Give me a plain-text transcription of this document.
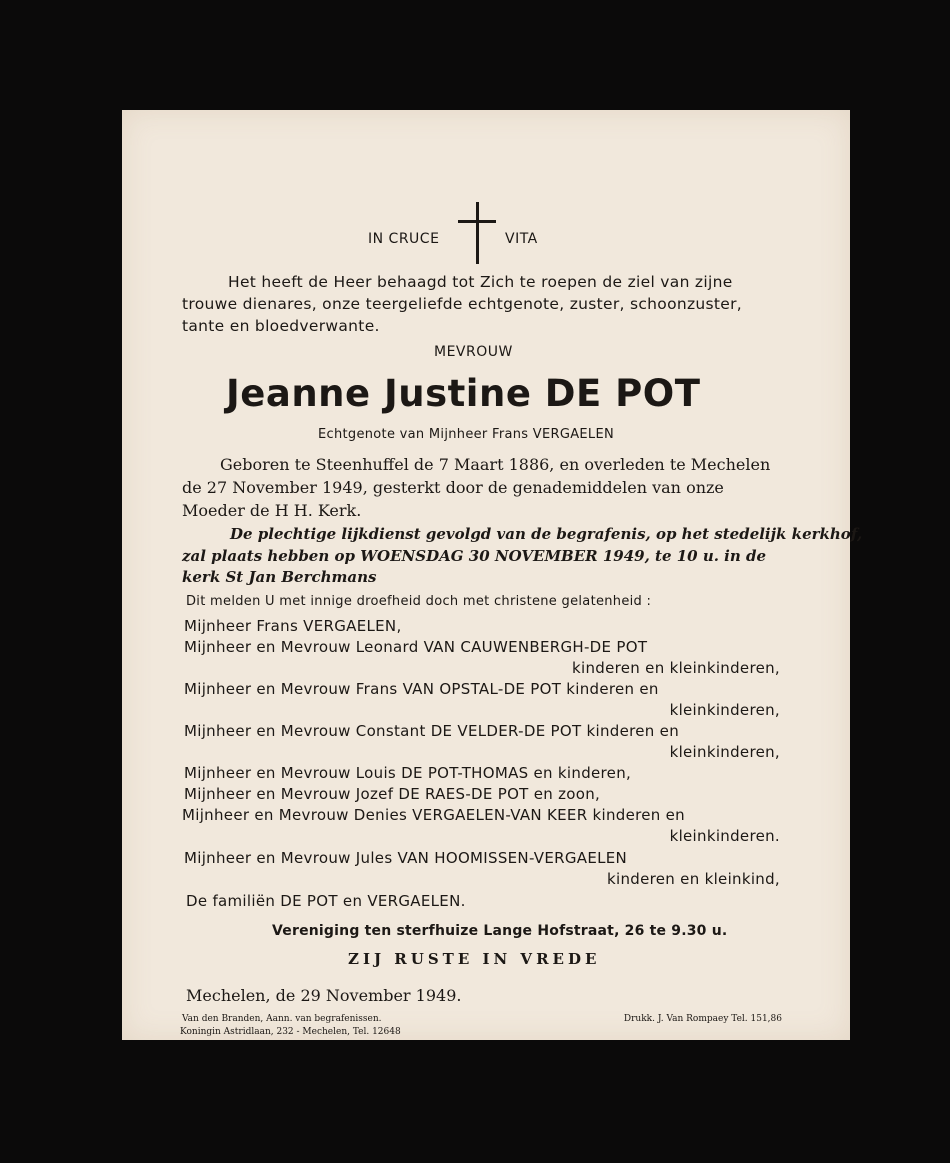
IN CRUCE	VITA
Het heeft de Heer behaagd tot Zich te roepen de ziel van zijne
trouwe dienares, onze teergeliefde echtgenote, zuster, schoonzuster,
tante en bloedverwante.
MEVROUW
Jeanne Justine DE POT
Echtgenote van Mijnheer Frans VERGAELEN
Geboren te Steenhuffel de 7 Maart 1886, en overleden te Mechelen
de 27 November 1949, gesterkt door de genademiddelen van onze
Moeder de H H. Kerk.
De plechtige lijkdienst gevolgd van de begrafenis, op het stedelijk kerkhof,
zal plaats hebben op WOENSDAG 30 NOVEMBER 1949, te 10 u. in de
kerk St Jan Berchmans
Dit melden U met innige droefheid doch met christene gelatenheid :
Mijnheer Frans VERGAELEN,
Mijnheer en Mevrouw Leonard VAN CAUWENBERGH-DE POT
kinderen en kleinkinderen,
Mijnheer en Mevrouw Frans VAN OPSTAL-DE POT kinderen en
kleinkinderen,
Mijnheer en Mevrouw Constant DE VELDER-DE POT kinderen en
kleinkinderen,
Mijnheer en Mevrouw Louis DE POT-THOMAS en kinderen,
Mijnheer en Mevrouw Jozef DE RAES-DE POT en zoon,
Mijnheer en Mevrouw Denies VERGAELEN-VAN KEER kinderen en
kleinkinderen.
Mijnheer en Mevrouw Jules VAN HOOMISSEN-VERGAELEN
kinderen en kleinkind,
De familiën DE POT en VERGAELEN.
Vereniging ten sterfhuize Lange Hofstraat, 26 te 9.30 u.
ZIJ RUSTE IN VREDE
Mechelen, de 29 November 1949.
Van den Branden, Aann. van begrafenissen.
Koningin Astridlaan, 232 - Mechelen, Tel. 12648
Drukk. J. Van Rompaey Tel. 151,86
